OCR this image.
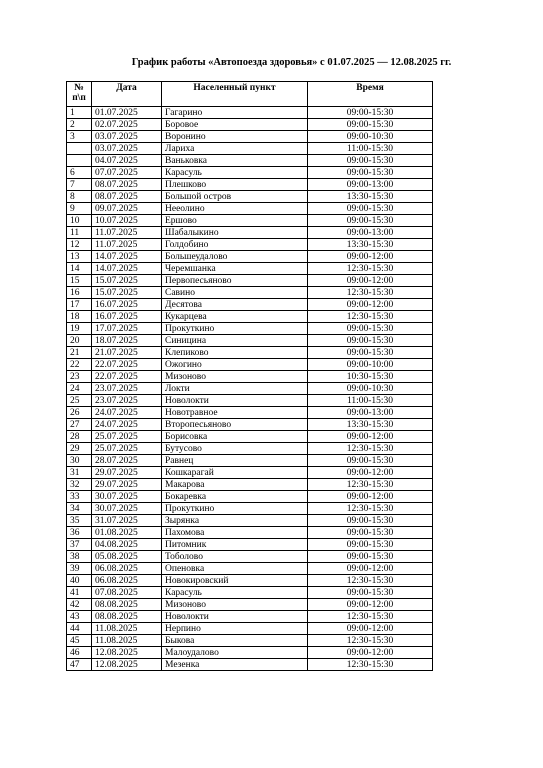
График работы «Автопоезда здоровья» с 01.07.2025 — 12.08.2025 гг.
№
п\п	Дата	Населенный пункт	Время
1	01.07.2025	Гагарино	09:00-15:30
2	02.07.2025	Боровое	09:00-15:30
3	03.07.2025	Воронино	09:00-10:30
	03.07.2025	Лариха	11:00-15:30
	04.07.2025	Ваньковка	09:00-15:30
6	07.07.2025	Карасуль	09:00-15:30
7	08.07.2025	Плешково	09:00-13:00
8	08.07.2025	Большой остров	13:30-15:30
9	09.07.2025	Нееолино	09:00-15:30
10	10.07.2025	Ершово	09:00-15:30
11	11.07.2025	Шабалыкино	09:00-13:00
12	11.07.2025	Голдобино	13:30-15:30
13	14.07.2025	Большеудалово	09:00-12:00
14	14.07.2025	Черемшанка	12:30-15:30
15	15.07.2025	Первопесьяново	09:00-12:00
16	15.07.2025	Савино	12:30-15:30
17	16.07.2025	Десятова	09:00-12:00
18	16.07.2025	Кукарцева	12:30-15:30
19	17.07.2025	Прокуткино	09:00-15:30
20	18.07.2025	Синицина	09:00-15:30
21	21.07.2025	Клепиково	09:00-15:30
22	22.07.2025	Ожогино	09:00-10:00
23	22.07.2025	Мизоново	10:30-15:30
24	23.07.2025	Локти	09:00-10:30
25	23.07.2025	Новолокти	11:00-15:30
26	24.07.2025	Новотравное	09:00-13:00
27	24.07.2025	Второпесьяново	13:30-15:30
28	25.07.2025	Борисовка	09:00-12:00
29	25.07.2025	Бутусово	12:30-15:30
30	28.07.2025	Равнец	09:00-15:30
31	29.07.2025	Кошкарагай	09:00-12:00
32	29.07.2025	Макарова	12:30-15:30
33	30.07.2025	Бокаревка	09:00-12:00
34	30.07.2025	Прокуткино	12:30-15:30
35	31.07.2025	Зырянка	09:00-15:30
36	01.08.2025	Пахомова	09:00-15:30
37	04.08.2025	Питомник	09:00-15:30
38	05.08.2025	Тоболово	09:00-15:30
39	06.08.2025	Опеновка	09:00-12:00
40	06.08.2025	Новокировский	12:30-15:30
41	07.08.2025	Карасуль	09:00-15:30
42	08.08.2025	Мизоново	09:00-12:00
43	08.08.2025	Новолокти	12:30-15:30
44	11.08.2025	Нерпино	09:00-12:00
45	11.08.2025	Быкова	12:30-15:30
46	12.08.2025	Малоудалово	09:00-12:00
47	12.08.2025	Мезенка	12:30-15:30
